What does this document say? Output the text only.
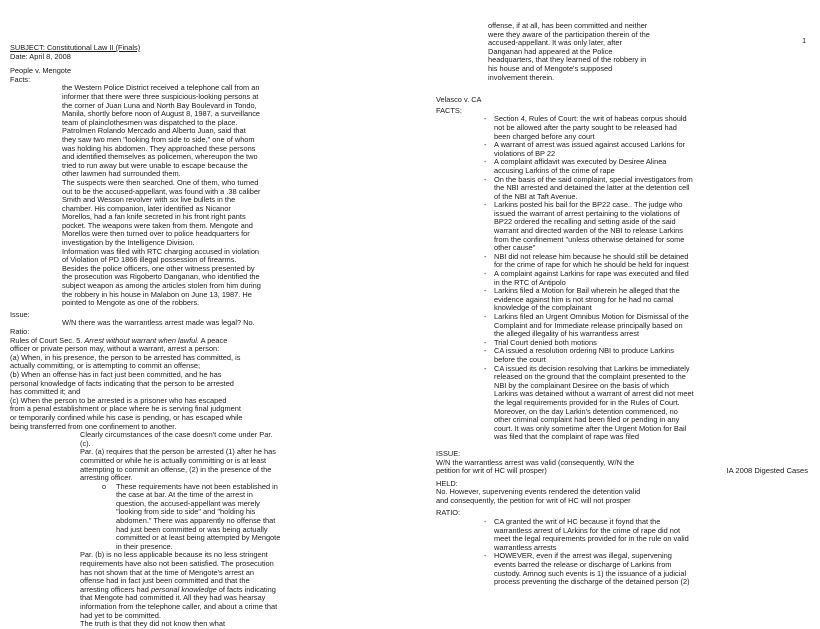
1
SUBJECT: Constitutional Law II (Finals)
Date: April 8, 2008
People v. Mengote
Facts:
- the Western Police District received a telephone call from an
informer that there were three suspicious-looking persons at
the corner of Juan Luna and North Bay Boulevard in Tondo,
Manila, shortly before noon of August 8, 1987, a surveillance
team of plainclothesmen was dispatched to the place.
- Patrolmen Rolando Mercado and Alberto Juan, said that
they saw two men "looking from side to side," one of whom
was holding his abdomen. They approached these persons
and identified themselves as policemen, whereupon the two
tried to run away but were unable to escape because the
other lawmen had surrounded them.
- The suspects were then searched. One of them, who turned
out to be the accused-appellant, was found with a .38 caliber
Smith and Wesson revolver with six live bullets in the
chamber. His companion, later identified as Nicanor
Morellos, had a fan knife secreted in his front right pants
pocket. The weapons were taken from them. Mengote and
Morellos were then turned over to police headquarters for
investigation by the Intelligence Division.
- Information was filed with RTC charging accused in violation
of Violation of PD 1866 illegal possession of firearms.
- Besides the police officers, one other witness presented by
the prosecution was Rigoberto Danganan, who identified the
subject weapon as among the articles stolen from him during
the robbery in his house in Malabon on June 13, 1987. He
pointed to Mengote as one of the robbers.
Issue:
- W/N there was the warrantless arrest made was legal? No.
Ratio:
Rules of Court Sec. 5. Arrest without warrant when lawful. A peace
officer or private person may, without a warrant, arrest a person:
(a) When, in his presence, the person to be arrested has committed, is
actually committing, or is attempting to commit an offense;
(b) When an offense has in fact just been committed, and he has
personal knowledge of facts indicating that the person to be arrested
has committed it; and
(c) When the person to be arrested is a prisoner who has escaped
from a penal establishment or place where he is serving final judgment
or temporarily confined while his case is pending, or has escaped while
being transferred from one confinement to another.
- Clearly circumstances of the case doesn't come under Par.
(c).
- Par. (a) requires that the person be arrested (1) after he has
committed or while he is actually committing or is at least
attempting to commit an offense, (2) in the presence of the
arresting officer.
o These requirements have not been established in
the case at bar. At the time of the arrest in
question, the accused-appellant was merely
"looking from side to side" and "holding his
abdomen." There was apparently no offense that
had just been committed or was being actually
committed or at least being attempted by Mengote
in their presence.
- Par. (b) is no less applicable because its no less stringent
requirements have also not been satisfied. The prosecution
has not shown that at the time of Mengote's arrest an
offense had in fact just been committed and that the
arresting officers had personal knowledge of facts indicating
that Mengote had committed it. All they had was hearsay
information from the telephone caller, and about a crime that
had yet to be committed.
- The truth is that they did not know then what
offense, if at all, has been committed and neither
were they aware of the participation therein of the
accused-appellant. It was only later, after
Danganan had appeared at the Police
headquarters, that they learned of the robbery in
his house and of Mengote's supposed
involvement therein.
Velasco v. CA
FACTS:
- Section 4, Rules of Court: the writ of habeas corpus should
not be allowed after the party sought to be released had
been charged before any court
- A warrant of arrest was issued against accused Larkins for
violations of BP 22
- A complaint affidavit was executed by Desiree Alinea
accusing Larkins of the crime of rape
- On the basis of the said complaint, special investigators from
the NBI arrested and detained the latter at the detention cell
of the NBI at Taft Avenue.
- Larkins posted his bail for the BP22 case.. The judge who
issued the warrant of arrest pertaining to the violations of
BP22 ordered the recalling and setting aside of the said
warrant and directed warden of the NBI to release Larkins
from the confinement "unless otherwise detained for some
other cause"
- NBI did not release him because he should still be detained
for the crime of rape for which he should be held for inquest
- A complaint against Larkins for rape was executed and filed
in the RTC of Antipolo
- Larkins filed a Motion for Bail wherein he alleged that the
evidence against him is not strong for he had no carnal
knowledge of the complainant
- Larkins filed an Urgent Omnibus Motion for Dismissal of the
Complaint and for Immediate release principally based on
the alleged illegality of his warrantless arrest
- Trial Court denied both motions
- CA issued a resolution ordering NBI to produce Larkins
before the court
- CA issued its decision resolving that Larkins be immediately
released on the ground that the complaint presented to the
NBI by the complainant Desiree on the basis of which
Larkins was detained without a warrant of arrest did not meet
the legal requirements provided for in the Rules of Court.
Moreover, on the day Larkin's detention commenced, no
other criminal complaint had been filed or pending in any
court. It was only sometime after the Urgent Motion for Bail
was filed that the complaint of rape was filed
ISSUE:
W/N the warrantless arrest was valid (consequently, W/N the
petition for writ of HC will prosper)
HELD:
No. However, supervening events rendered the detention valid
and consequently, the petition for writ of HC will not prosper
RATIO:
- CA granted the writ of HC because it foynd that the
warrantless arrest of LArkins for the crime of rape did not
meet the legal requirements provided for in the rule on valid
warrantless arrests
- HOWEVER, even if the arrest was illegal, supervening
events barred the release or discharge of Larkins from
custody. Amnog such events is 1) the issuance of a judicial
process preventing the discharge of the detained person (2)
IA 2008 Digested Cases
